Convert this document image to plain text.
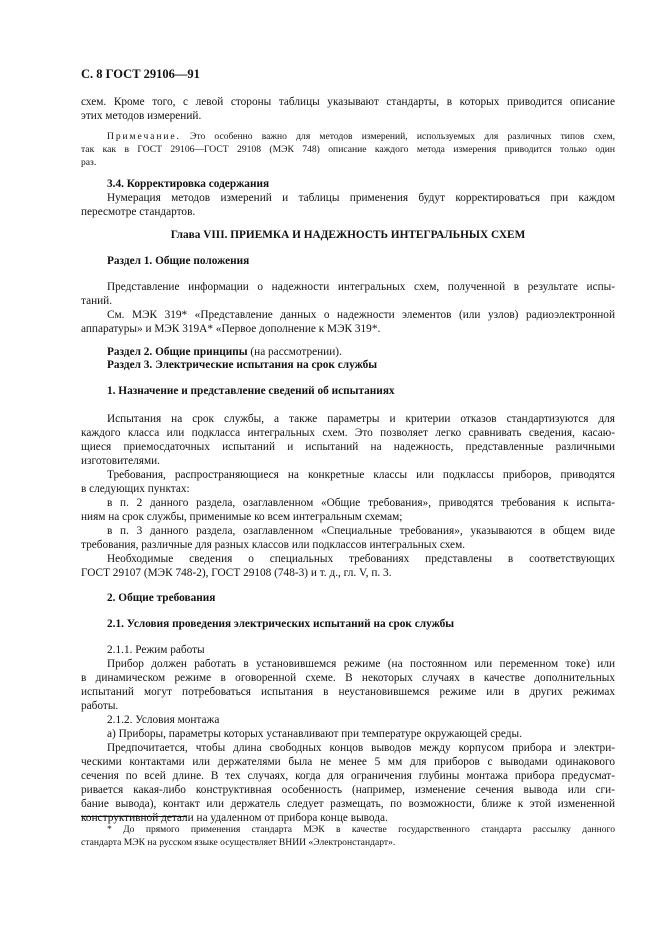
С. 8 ГОСТ 29106—91
схем. Кроме того, с левой стороны таблицы указывают стандарты, в которых приводится описание
этих методов измерений.
Примечание. Это особенно важно для методов измерений, используемых для различных типов схем,
так как в ГОСТ 29106—ГОСТ 29108 (МЭК 748) описание каждого метода измерения приводится только один
раз.
3.4. Корректировка содержания
Нумерация методов измерений и таблицы применения будут корректироваться при каждом
пересмотре стандартов.
Глава VIII. ПРИЕМКА И НАДЕЖНОСТЬ ИНТЕГРАЛЬНЫХ СХЕМ
Раздел 1. Общие положения
Представление информации о надежности интегральных схем, полученной в результате испы-
таний.
См. МЭК 319* «Представление данных о надежности элементов (или узлов) радиоэлектронной
аппаратуры» и МЭК 319А* «Первое дополнение к МЭК 319*.
Раздел 2. Общие принципы (на рассмотрении).
Раздел 3. Электрические испытания на срок службы
1. Назначение и представление сведений об испытаниях
Испытания на срок службы, а также параметры и критерии отказов стандартизуются для
каждого класса или подкласса интегральных схем. Это позволяет легко сравнивать сведения, касаю-
щиеся приемосдаточных испытаний и испытаний на надежность, представленные различными
изготовителями.
Требования, распространяющиеся на конкретные классы или подклассы приборов, приводятся
в следующих пунктах:
в п. 2 данного раздела, озаглавленном «Общие требования», приводятся требования к испыта-
ниям на срок службы, применимые ко всем интегральным схемам;
в п. 3 данного раздела, озаглавленном «Специальные требования», указываются в общем виде
требования, различные для разных классов или подклассов интегральных схем.
Необходимые сведения о специальных требованиях представлены в соответствующих
ГОСТ 29107 (МЭК 748-2), ГОСТ 29108 (748-3) и т. д., гл. V, п. 3.
2. Общие требования
2.1. Условия проведения электрических испытаний на срок службы
2.1.1. Режим работы
Прибор должен работать в установившемся режиме (на постоянном или переменном токе) или
в динамическом режиме в оговоренной схеме. В некоторых случаях в качестве дополнительных
испытаний могут потребоваться испытания в неустановившемся режиме или в других режимах
работы.
2.1.2. Условия монтажа
а) Приборы, параметры которых устанавливают при температуре окружающей среды.
Предпочитается, чтобы длина свободных концов выводов между корпусом прибора и электри-
ческими контактами или держателями была не менее 5 мм для приборов с выводами одинакового
сечения по всей длине. В тех случаях, когда для ограничения глубины монтажа прибора предусмат-
ривается какая-либо конструктивная особенность (например, изменение сечения вывода или сги-
бание вывода), контакт или держатель следует размещать, по возможности, ближе к этой измененной
конструктивной детали на удаленном от прибора конце вывода.
* До прямого применения стандарта МЭК в качестве государственного стандарта рассылку данного
стандарта МЭК на русском языке осуществляет ВНИИ «Электронстандарт».
